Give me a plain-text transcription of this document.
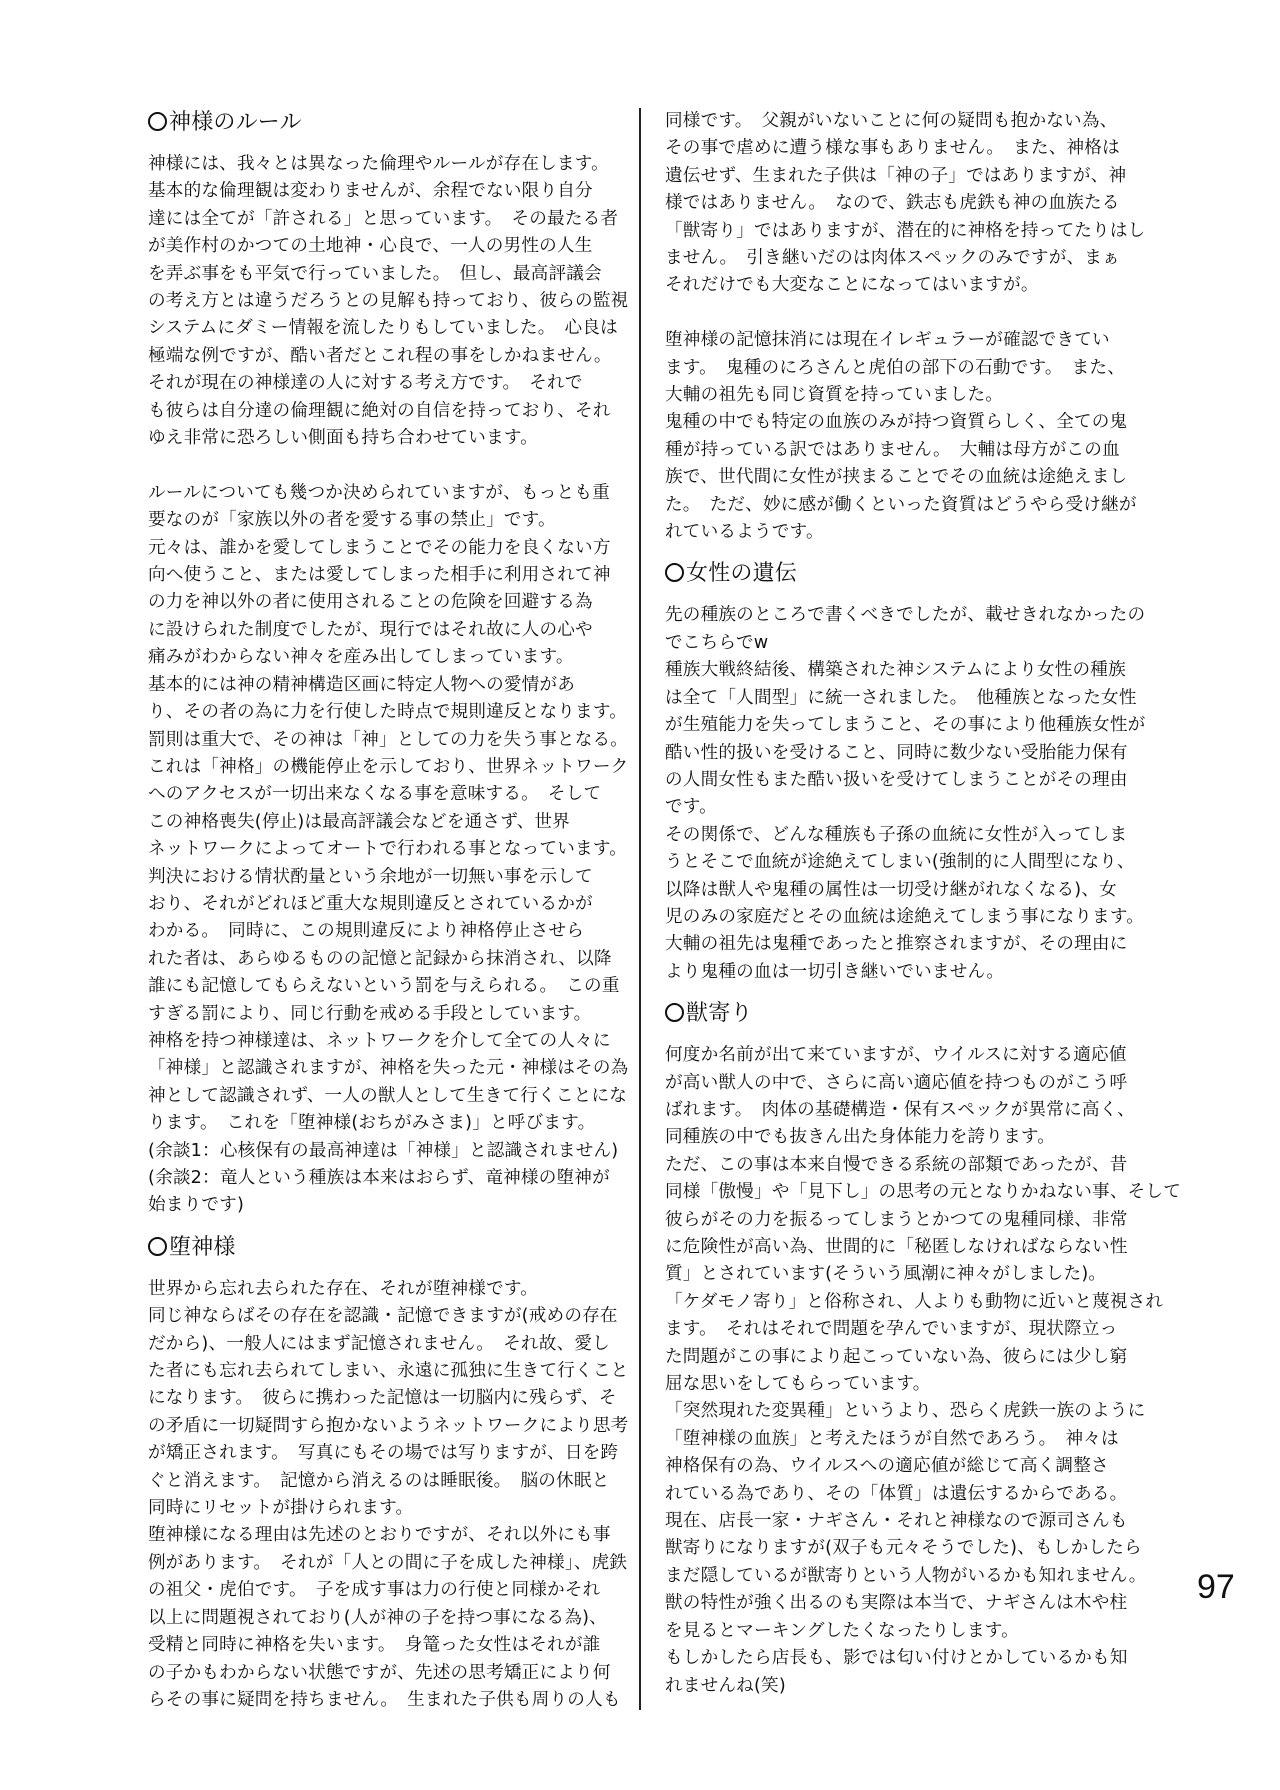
神様のルール

神様には、我々とは異なった倫理やルールが存在します。

基本的な倫理観は変わりませんが、余程でない限り自分

達には全てが「許される」と思っています。　その最たる者

が美作村のかつての土地神・心良で、一人の男性の人生

を弄ぶ事をも平気で行っていました。　但し、最高評議会

の考え方とは違うだろうとの見解も持っており、彼らの監視

システムにダミー情報を流したりもしていました。　心良は

極端な例ですが、酷い者だとこれ程の事をしかねません。

それが現在の神様達の人に対する考え方です。　それで

も彼らは自分達の倫理観に絶対の自信を持っており、それ

ゆえ非常に恐ろしい側面も持ち合わせています。

ルールについても幾つか決められていますが、もっとも重

要なのが「家族以外の者を愛する事の禁止」です。

元々は、誰かを愛してしまうことでその能力を良くない方

向へ使うこと、または愛してしまった相手に利用されて神

の力を神以外の者に使用されることの危険を回避する為

に設けられた制度でしたが、現行ではそれ故に人の心や

痛みがわからない神々を産み出してしまっています。

基本的には神の精神構造区画に特定人物への愛情があ

り、その者の為に力を行使した時点で規則違反となります。

罰則は重大で、その神は「神」としての力を失う事となる。

これは「神格」の機能停止を示しており、世界ネットワーク

へのアクセスが一切出来なくなる事を意味する。　そして

この神格喪失(停止)は最高評議会などを通さず、世界

ネットワークによってオートで行われる事となっています。

判決における情状酌量という余地が一切無い事を示して

おり、それがどれほど重大な規則違反とされているかが

わかる。　同時に、この規則違反により神格停止させら

れた者は、あらゆるものの記憶と記録から抹消され、以降

誰にも記憶してもらえないという罰を与えられる。　この重

すぎる罰により、同じ行動を戒める手段としています。

神格を持つ神様達は、ネットワークを介して全ての人々に

「神様」と認識されますが、神格を失った元・神様はその為

神として認識されず、一人の獣人として生きて行くことにな

ります。　これを「堕神様(おちがみさま)」と呼びます。

(余談1：心核保有の最高神達は「神様」と認識されません)

(余談2：竜人という種族は本来はおらず、竜神様の堕神が

始まりです)

堕神様

世界から忘れ去られた存在、それが堕神様です。

同じ神ならばその存在を認識・記憶できますが(戒めの存在

だから)、一般人にはまず記憶されません。　それ故、愛し

た者にも忘れ去られてしまい、永遠に孤独に生きて行くこと

になります。　彼らに携わった記憶は一切脳内に残らず、そ

の矛盾に一切疑問すら抱かないようネットワークにより思考

が矯正されます。　写真にもその場では写りますが、日を跨

ぐと消えます。　記憶から消えるのは睡眠後。　脳の休眠と

同時にリセットが掛けられます。

堕神様になる理由は先述のとおりですが、それ以外にも事

例があります。　それが「人との間に子を成した神様」、虎鉄

の祖父・虎伯です。　子を成す事は力の行使と同様かそれ

以上に問題視されており(人が神の子を持つ事になる為)、

受精と同時に神格を失います。　身篭った女性はそれが誰

の子かもわからない状態ですが、先述の思考矯正により何

らその事に疑問を持ちません。　生まれた子供も周りの人も

同様です。　父親がいないことに何の疑問も抱かない為、

その事で虐めに遭う様な事もありません。　また、神格は

遺伝せず、生まれた子供は「神の子」ではありますが、神

様ではありません。　なので、鉄志も虎鉄も神の血族たる

「獣寄り」ではありますが、潜在的に神格を持ってたりはし

ません。　引き継いだのは肉体スペックのみですが、まぁ

それだけでも大変なことになってはいますが。

堕神様の記憶抹消には現在イレギュラーが確認できてい

ます。　鬼種のにろさんと虎伯の部下の石動です。　また、

大輔の祖先も同じ資質を持っていました。

鬼種の中でも特定の血族のみが持つ資質らしく、全ての鬼

種が持っている訳ではありません。　大輔は母方がこの血

族で、世代間に女性が挟まることでその血統は途絶えまし

た。　ただ、妙に感が働くといった資質はどうやら受け継が

れているようです。

女性の遺伝

先の種族のところで書くべきでしたが、載せきれなかったの

でこちらでw

種族大戦終結後、構築された神システムにより女性の種族

は全て「人間型」に統一されました。　他種族となった女性

が生殖能力を失ってしまうこと、その事により他種族女性が

酷い性的扱いを受けること、同時に数少ない受胎能力保有

の人間女性もまた酷い扱いを受けてしまうことがその理由

です。

その関係で、どんな種族も子孫の血統に女性が入ってしま

うとそこで血統が途絶えてしまい(強制的に人間型になり、

以降は獣人や鬼種の属性は一切受け継がれなくなる)、女

児のみの家庭だとその血統は途絶えてしまう事になります。

大輔の祖先は鬼種であったと推察されますが、その理由に

より鬼種の血は一切引き継いでいません。

獣寄り

何度か名前が出て来ていますが、ウイルスに対する適応値

が高い獣人の中で、さらに高い適応値を持つものがこう呼

ばれます。　肉体の基礎構造・保有スペックが異常に高く、

同種族の中でも抜きん出た身体能力を誇ります。

ただ、この事は本来自慢できる系統の部類であったが、昔

同様「傲慢」や「見下し」の思考の元となりかねない事、そして

彼らがその力を振るってしまうとかつての鬼種同様、非常

に危険性が高い為、世間的に「秘匿しなければならない性

質」とされています(そういう風潮に神々がしました)。

「ケダモノ寄り」と俗称され、人よりも動物に近いと蔑視され

ます。　それはそれで問題を孕んでいますが、現状際立っ

た問題がこの事により起こっていない為、彼らには少し窮

屈な思いをしてもらっています。

「突然現れた変異種」というより、恐らく虎鉄一族のように

「堕神様の血族」と考えたほうが自然であろう。　神々は

神格保有の為、ウイルスへの適応値が総じて高く調整さ

れている為であり、その「体質」は遺伝するからである。

現在、店長一家・ナギさん・それと神様なので源司さんも

獣寄りになりますが(双子も元々そうでした)、もしかしたら

まだ隠しているが獣寄りという人物がいるかも知れません。

獣の特性が強く出るのも実際は本当で、ナギさんは木や柱

を見るとマーキングしたくなったりします。

もしかしたら店長も、影では匂い付けとかしているかも知

れませんね(笑)

97
